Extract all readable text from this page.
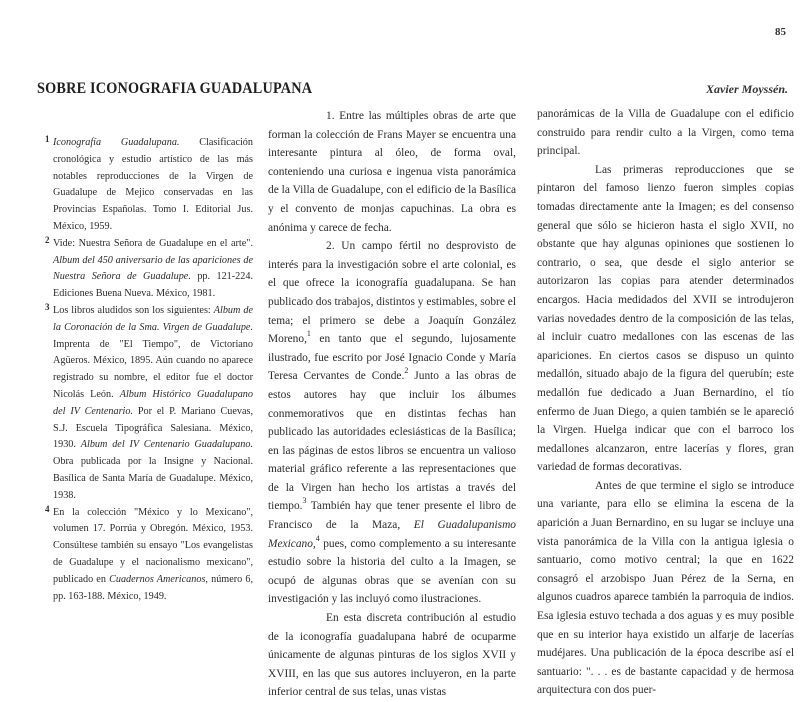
85
SOBRE ICONOGRAFIA GUADALUPANA	Xavier Moyssén.

1 Iconografía Guadalupana. Clasificación cronológica y estudio artístico de las más notables reproducciones de la Virgen de Guadalupe de Mejico conservadas en las Provincias Españolas. Tomo I. Editorial Jus. México, 1959.

2 Vide: Nuestra Señora de Guadalupe en el arte". Album del 450 aniversario de las apariciones de Nuestra Señora de Guadalupe. pp. 121-224. Ediciones Buena Nueva. México, 1981.

3 Los libros aludidos son los siguientes: Album de la Coronación de la Sma. Virgen de Guadalupe. Imprenta de "El Tiempo", de Victoriano Agüeros. México, 1895. Aún cuando no aparece registrado su nombre, el editor fue el doctor Nicolás León. Album Histórico Guadalupano del IV Centenario. Por el P. Mariano Cuevas, S.J. Escuela Tipográfica Salesiana. México, 1930. Album del IV Centenario Guadalupano. Obra publicada por la Insigne y Nacional. Basílica de Santa María de Guadalupe. México, 1938.

4 En la colección "México y lo Mexicano", volumen 17. Porrúa y Obregón. México, 1953. Consúltese también su ensayo "Los evangelistas de Guadalupe y el nacionalismo mexicano", publicado en Cuadernos Americanos, número 6, pp. 163-188. México, 1949.

1. Entre las múltiples obras de arte que forman la colección de Frans Mayer se encuentra una interesante pintura al óleo, de forma oval, conteniendo una curiosa e ingenua vista panorámica de la Villa de Guadalupe, con el edificio de la Basílica y el convento de monjas capuchinas. La obra es anónima y carece de fecha.

2. Un campo fértil no desprovisto de interés para la investigación sobre el arte colonial, es el que ofrece la iconografía guadalupana. Se han publicado dos trabajos, distintos y estimables, sobre el tema; el primero se debe a Joaquín González Moreno,$^1$ en tanto que el segundo, lujosamente ilustrado, fue escrito por José Ignacio Conde y María Teresa Cervantes de Conde.$^2$ Junto a las obras de estos autores hay que incluir los álbumes conmemorativos que en distintas fechas han publicado las autoridades eclesiásticas de la Basílica; en las páginas de estos libros se encuentra un valioso material gráfico referente a las representaciones que de la Virgen han hecho los artistas a través del tiempo.$^3$ También hay que tener presente el libro de Francisco de la Maza, El Guadalupanismo Mexicano,$^4$ pues, como complemento a su interesante estudio sobre la historia del culto a la Imagen, se ocupó de algunas obras que se avenían con su investigación y las incluyó como ilustraciones.

En esta discreta contribución al estudio de la iconografía guadalupana habré de ocuparme únicamente de algunas pinturas de los siglos XVII y XVIII, en las que sus autores incluyeron, en la parte inferior central de sus telas, unas vistas

panorámicas de la Villa de Guadalupe con el edificio construido para rendir culto a la Virgen, como tema principal.

Las primeras reproducciones que se pintaron del famoso lienzo fueron simples copias tomadas directamente ante la Imagen; es del consenso general que sólo se hicieron hasta el siglo XVII, no obstante que hay algunas opiniones que sostienen lo contrario, o sea, que desde el siglo anterior se autorizaron las copias para atender determinados encargos. Hacia medidados del XVII se introdujeron varias novedades dentro de la composición de las telas, al incluir cuatro medallones con las escenas de las apariciones. En ciertos casos se dispuso un quinto medallón, situado abajo de la figura del querubín; este medallón fue dedicado a Juan Bernardino, el tío enfermo de Juan Diego, a quien también se le apareció la Virgen. Huelga indicar que con el barroco los medallones alcanzaron, entre lacerías y flores, gran variedad de formas decorativas.

Antes de que termine el siglo se introduce una variante, para ello se elimina la escena de la aparición a Juan Bernardino, en su lugar se incluye una vista panorámica de la Villa con la antigua iglesia o santuario, como motivo central; la que en 1622 consagró el arzobispo Juan Pérez de la Serna, en algunos cuadros aparece también la parroquia de indios. Esa iglesia estuvo techada a dos aguas y es muy posible que en su interior haya existido un alfarje de lacerías mudéjares. Una publicación de la época describe así el santuario: ". . . es de bastante capacidad y de hermosa arquitectura con dos puer-
